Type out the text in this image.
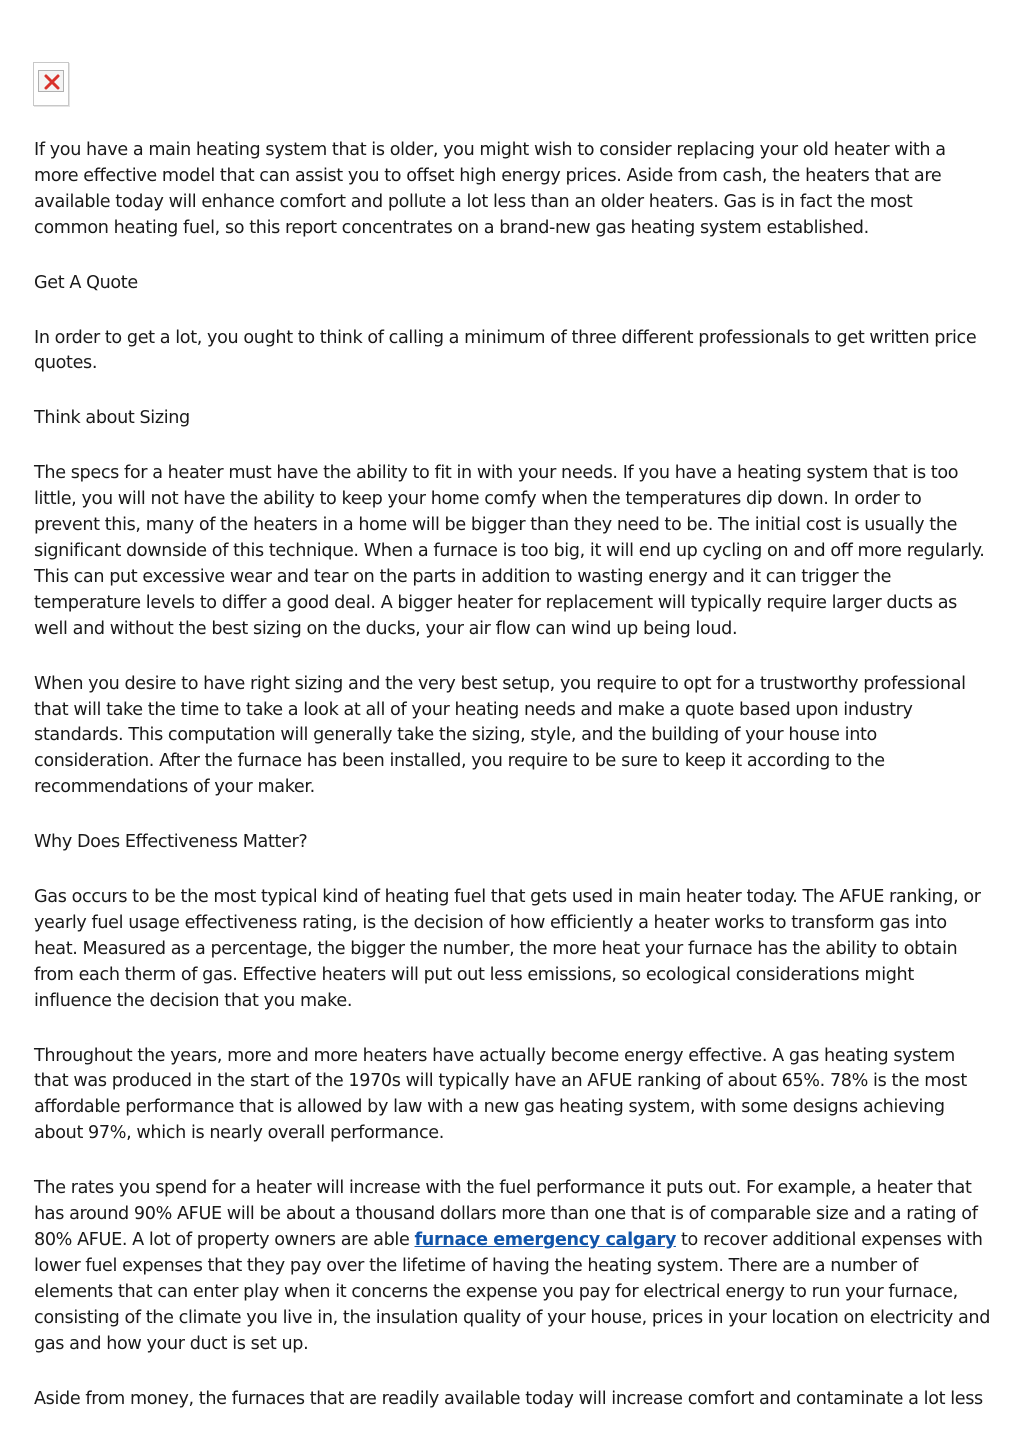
If you have a main heating system that is older, you might wish to consider replacing your old heater with a more effective model that can assist you to offset high energy prices. Aside from cash, the heaters that are available today will enhance comfort and pollute a lot less than an older heaters. Gas is in fact the most common heating fuel, so this report concentrates on a brand-new gas heating system established.

Get A Quote

In order to get a lot, you ought to think of calling a minimum of three different professionals to get written price quotes.

Think about Sizing

The specs for a heater must have the ability to fit in with your needs. If you have a heating system that is too little, you will not have the ability to keep your home comfy when the temperatures dip down. In order to prevent this, many of the heaters in a home will be bigger than they need to be. The initial cost is usually the significant downside of this technique. When a furnace is too big, it will end up cycling on and off more regularly. This can put excessive wear and tear on the parts in addition to wasting energy and it can trigger the temperature levels to differ a good deal. A bigger heater for replacement will typically require larger ducts as well and without the best sizing on the ducks, your air flow can wind up being loud.

When you desire to have right sizing and the very best setup, you require to opt for a trustworthy professional that will take the time to take a look at all of your heating needs and make a quote based upon industry standards. This computation will generally take the sizing, style, and the building of your house into consideration. After the furnace has been installed, you require to be sure to keep it according to the recommendations of your maker.

Why Does Effectiveness Matter?

Gas occurs to be the most typical kind of heating fuel that gets used in main heater today. The AFUE ranking, or yearly fuel usage effectiveness rating, is the decision of how efficiently a heater works to transform gas into heat. Measured as a percentage, the bigger the number, the more heat your furnace has the ability to obtain from each therm of gas. Effective heaters will put out less emissions, so ecological considerations might influence the decision that you make.

Throughout the years, more and more heaters have actually become energy effective. A gas heating system that was produced in the start of the 1970s will typically have an AFUE ranking of about 65%. 78% is the most affordable performance that is allowed by law with a new gas heating system, with some designs achieving about 97%, which is nearly overall performance.

The rates you spend for a heater will increase with the fuel performance it puts out. For example, a heater that has around 90% AFUE will be about a thousand dollars more than one that is of comparable size and a rating of 80% AFUE. A lot of property owners are able furnace emergency calgary to recover additional expenses with lower fuel expenses that they pay over the lifetime of having the heating system. There are a number of elements that can enter play when it concerns the expense you pay for electrical energy to run your furnace, consisting of the climate you live in, the insulation quality of your house, prices in your location on electricity and gas and how your duct is set up.

Aside from money, the furnaces that are readily available today will increase comfort and contaminate a lot less
